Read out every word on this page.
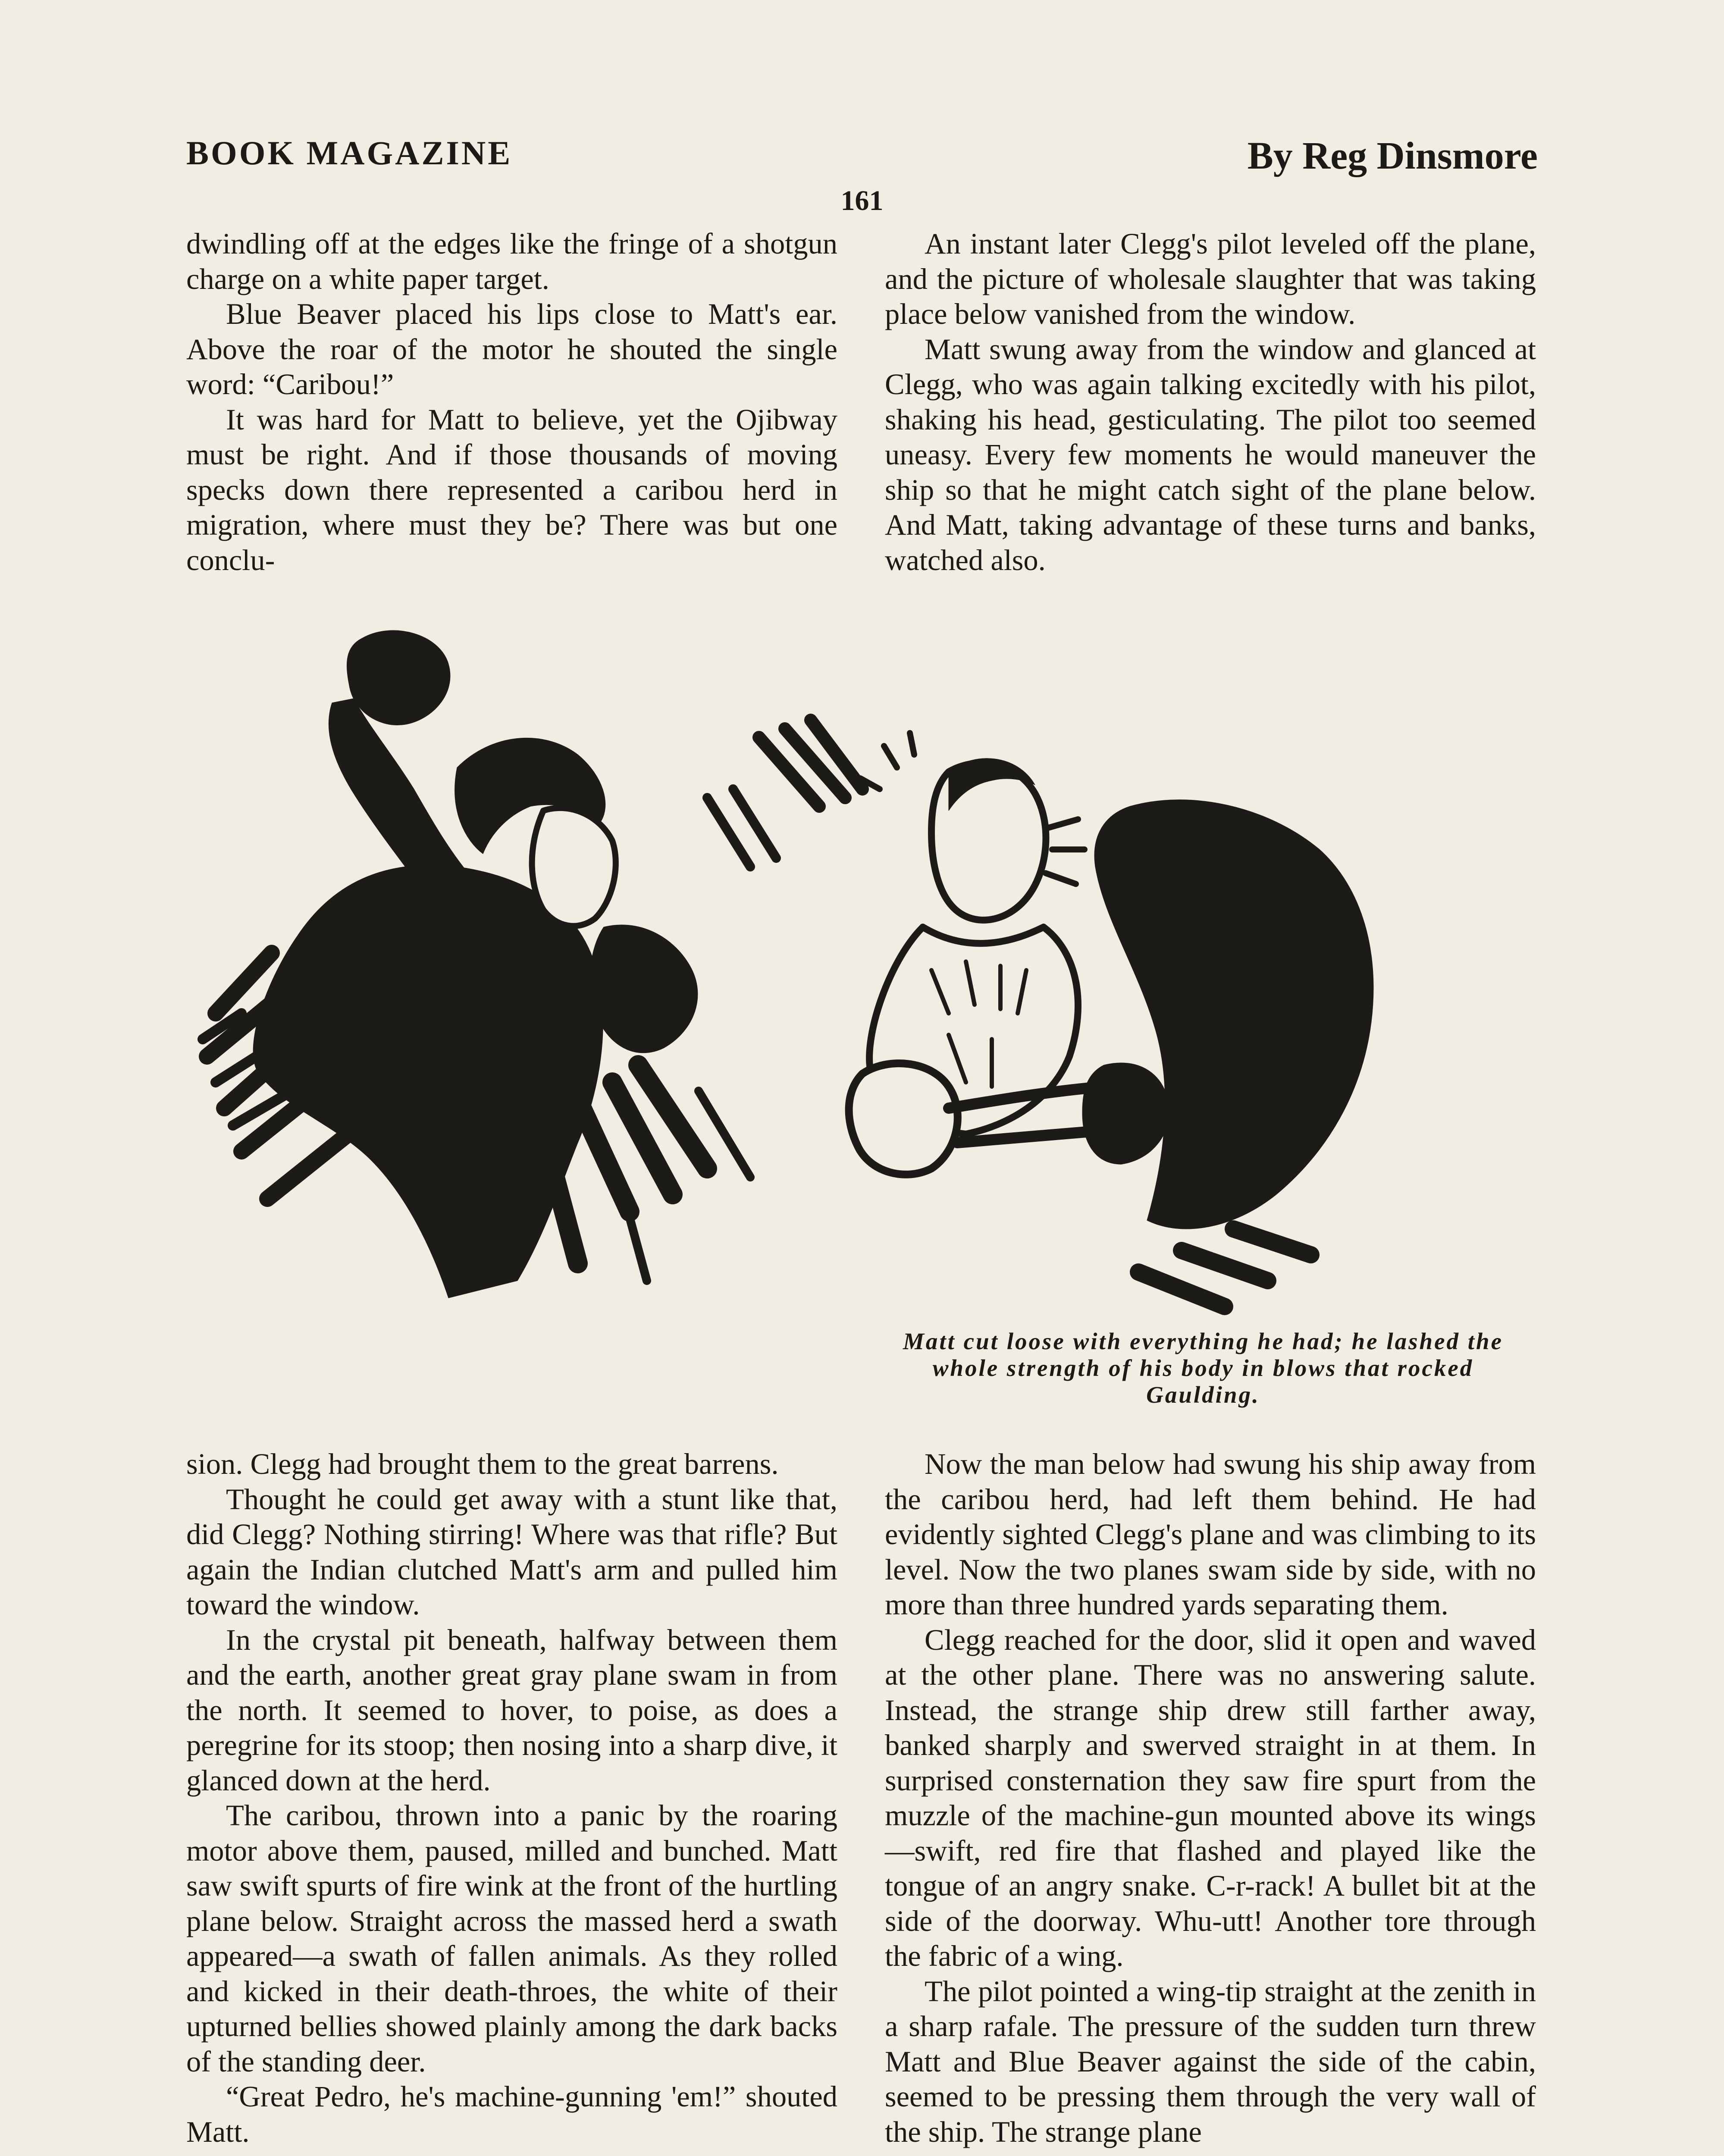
BOOK MAGAZINE	By Reg Dinsmore
161

dwindling off at the edges like the fringe of a shotgun charge on a white paper target.

Blue Beaver placed his lips close to Matt's ear. Above the roar of the motor he shouted the single word: “Caribou!”

It was hard for Matt to believe, yet the Ojibway must be right. And if those thousands of moving specks down there represented a caribou herd in migration, where must they be? There was but one conclu-

An instant later Clegg's pilot leveled off the plane, and the picture of wholesale slaughter that was taking place below vanished from the window.

Matt swung away from the window and glanced at Clegg, who was again talking excitedly with his pilot, shaking his head, gesticulating. The pilot too seemed uneasy. Every few moments he would maneuver the ship so that he might catch sight of the plane below. And Matt, taking advantage of these turns and banks, watched also.

Matt cut loose with everything he had; he lashed the whole strength of his body in blows that rocked Gaulding.

sion. Clegg had brought them to the great barrens.

Thought he could get away with a stunt like that, did Clegg? Nothing stirring! Where was that rifle? But again the Indian clutched Matt's arm and pulled him toward the window.

In the crystal pit beneath, halfway between them and the earth, another great gray plane swam in from the north. It seemed to hover, to poise, as does a peregrine for its stoop; then nosing into a sharp dive, it glanced down at the herd.

The caribou, thrown into a panic by the roaring motor above them, paused, milled and bunched. Matt saw swift spurts of fire wink at the front of the hurtling plane below. Straight across the massed herd a swath appeared—a swath of fallen animals. As they rolled and kicked in their death-throes, the white of their upturned bellies showed plainly among the dark backs of the standing deer.

“Great Pedro, he's machine-gunning 'em!” shouted Matt.

Now the man below had swung his ship away from the caribou herd, had left them behind. He had evidently sighted Clegg's plane and was climbing to its level. Now the two planes swam side by side, with no more than three hundred yards separating them.

Clegg reached for the door, slid it open and waved at the other plane. There was no answering salute. Instead, the strange ship drew still farther away, banked sharply and swerved straight in at them. In surprised consternation they saw fire spurt from the muzzle of the machine-gun mounted above its wings—swift, red fire that flashed and played like the tongue of an angry snake. C-r-rack! A bullet bit at the side of the doorway. Whu-utt! Another tore through the fabric of a wing.

The pilot pointed a wing-tip straight at the zenith in a sharp rafale. The pressure of the sudden turn threw Matt and Blue Beaver against the side of the cabin, seemed to be pressing them through the very wall of the ship. The strange plane
